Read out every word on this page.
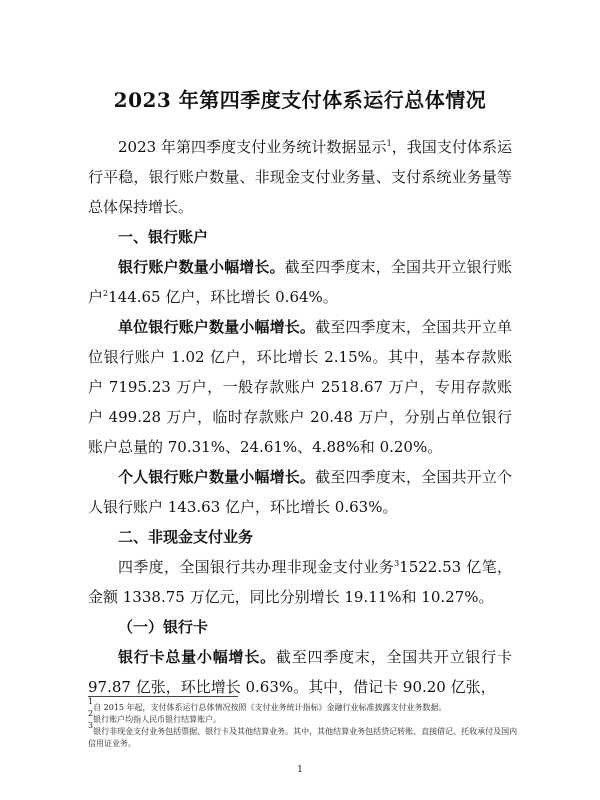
2023 年第四季度支付体系运行总体情况

2023 年第四季度支付业务统计数据显示$^1$，我国支付体系运行平稳，银行账户数量、非现金支付业务量、支付系统业务量等总体保持增长。

一、银行账户

银行账户数量小幅增长。截至四季度末，全国共开立银行账户$^2$144.65 亿户，环比增长 0.64%。

单位银行账户数量小幅增长。截至四季度末，全国共开立单位银行账户 1.02 亿户，环比增长 2.15%。其中，基本存款账户 7195.23 万户，一般存款账户 2518.67 万户，专用存款账户 499.28 万户，临时存款账户 20.48 万户，分别占单位银行账户总量的 70.31%、24.61%、4.88%和 0.20%。

个人银行账户数量小幅增长。截至四季度末，全国共开立个人银行账户 143.63 亿户，环比增长 0.63%。

二、非现金支付业务

四季度，全国银行共办理非现金支付业务$^3$1522.53 亿笔，金额 1338.75 万亿元，同比分别增长 19.11%和 10.27%。

（一）银行卡

银行卡总量小幅增长。截至四季度末，全国共开立银行卡 97.87 亿张，环比增长 0.63%。其中，借记卡 90.20 亿张，

$^1$自 2015 年起，支付体系运行总体情况按照《支付业务统计指标》金融行业标准披露支付业务数据。
$^2$银行账户均指人民币银行结算账户。
$^3$银行非现金支付业务包括票据、银行卡及其他结算业务。其中，其他结算业务包括贷记转账、直接借记、托收承付及国内信用证业务。
1
